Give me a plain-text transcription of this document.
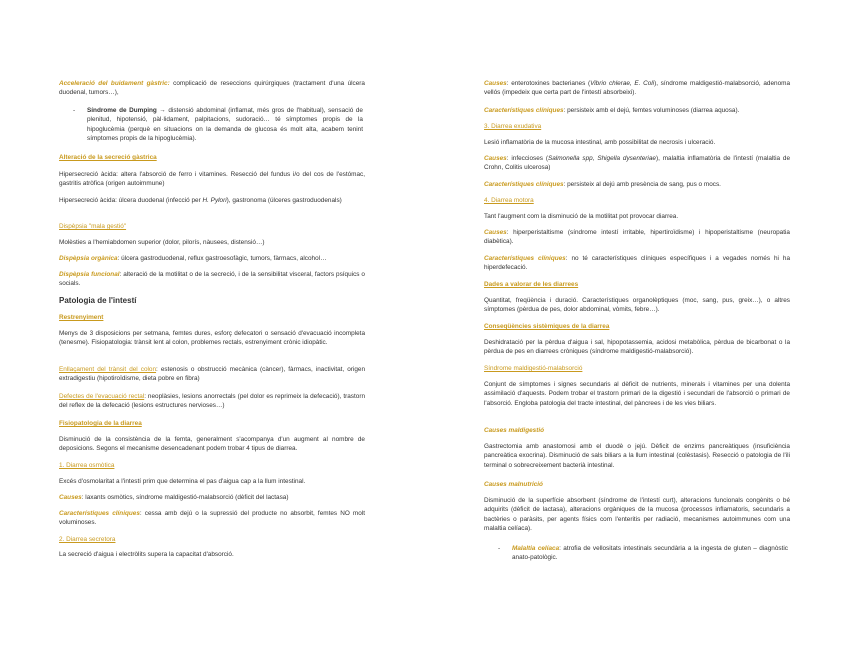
Acceleració del buidament gàstric: complicació de reseccions quirúrgiques (tractament d'una úlcera duodenal, tumors…),

- Síndrome de Dumping → distensió abdominal (inflamat, més gros de l'habitual), sensació de plenitud, hipotensió, pàl·lidament, palpitacions, sudoració… té símptomes propis de la hipoglucèmia (perquè en situacions on la demanda de glucosa és molt alta, acabem tenint símptomes propis de la hipoglucèmia).

Alteració de la secreció gàstrica

Hipersecreció àcida: altera l'absorció de ferro i vitamines. Resecció del fundus i/o del cos de l'estómac, gastritis atròfica (origen autoimmune)

Hipersecreció àcida: úlcera duodenal (infecció per H. Pylori), gastronoma (úlceres gastroduodenals)

Dispèpsia "mala gestió"

Molèsties a l'hemiabdomen superior (dolor, pilorís, nàusees, distensió…)

Dispèpsia orgànica: úlcera gastroduodenal, reflux gastroesofàgic, tumors, fàrmacs, alcohol…

Dispèpsia funcional: alteració de la motilitat o de la secreció, i de la sensibilitat visceral, factors psíquics o socials.

Patologia de l'intestí

Restrenyiment

Menys de 3 disposicions per setmana, femtes dures, esforç defecatori o sensació d'evacuació incompleta (tenesme). Fisiopatologia: trànsit lent al colon, problemes rectals, estrenyiment crònic idiopàtic.

Enllaçament del trànsit del colon: estenosis o obstrucció mecànica (càncer), fàrmacs, inactivitat, origen extradigestiu (hipotiroïdisme, dieta pobre en fibra)

Defectes de l'evacuació rectal: neoplàsies, lesions anorrectals (pel dolor es reprimeix la defecació), trastorn del reflex de la defecació (lesions estructures nervioses…)

Fisiopatologia de la diarrea

Disminució de la consistència de la femta, generalment s'acompanya d'un augment al nombre de deposicions. Segons el mecanisme desencadenant podem trobar 4 tipus de diarrea.

1. Diarrea osmòtica

Excés d'osmolaritat a l'intestí prim que determina el pas d'aigua cap a la llum intestinal.

Causes: laxants osmòtics, síndrome maldigestió-malabsorció (dèficit del lactasa)

Característiques clíniques: cessa amb dejú o la supressió del producte no absorbit, femtes NO molt voluminoses.

2. Diarrea secretora

La secreció d'aigua i electròlits supera la capacitat d'absorció.

Causes: enterotoxines bacterianes (Vibrio chlerae, E. Coli), síndrome maldigestió-malabsorció, adenoma vellós (impedeix que certa part de l'intestí absorbeixi).

Característiques clíniques: persisteix amb el dejú, femtes voluminoses (diarrea aquosa).

3. Diarrea exudativa

Lesió inflamatòria de la mucosa intestinal, amb possibilitat de necrosis i ulceració.

Causes: infeccioses (Salmonella spp, Shigella dysenteriae), malaltia inflamatòria de l'intestí (malaltia de Crohn, Colitis ulcerosa)

Característiques clíniques: persisteix al dejú amb presència de sang, pus o mocs.

4. Diarrea motora

Tant l'augment com la disminució de la motilitat pot provocar diarrea.

Causes: hiperperistaltisme (síndrome intestí irritable, hipertiroïdisme) i hipoperistaltisme (neuropatia diabètica).

Característiques clíniques: no té característiques clíniques específiques i a vegades només hi ha hiperdefecació.

Dades a valorar de les diarrees

Quantitat, freqüència i duració. Característiques organolèptiques (moc, sang, pus, greix…), o altres símptomes (pèrdua de pes, dolor abdominal, vòmits, febre…).

Conseqüències sistèmiques de la diarrea

Deshidratació per la pèrdua d'aigua i sal, hipopotassemia, acidosi metabòlica, pèrdua de bicarbonat o la pèrdua de pes en diarrees cròniques (síndrome maldigestió-malabsorció).

Síndrome maldigestió-malabsorció

Conjunt de símptomes i signes secundaris al dèficit de nutrients, minerals i vitamines per una dolenta assimilació d'aquests. Podem trobar el trastorn primari de la digestió i secundari de l'absorció o primari de l'absorció. Engloba patologia del tracte intestinal, del pàncrees i de les vies biliars.

Causes maldigestió

Gastrectomia amb anastomosi amb el duodè o jejú. Dèficit de enzims pancreàtiques (insuficiència pancreàtica exocrina). Disminució de sals biliars a la llum intestinal (colèstasis). Resecció o patologia de l'ili terminal o sobrecreixement bacterià intestinal.

Causes malnutrició

Disminució de la superfície absorbent (síndrome de l'intestí curt), alteracions funcionals congènits o bé adquirits (dèficit de lactasa), alteracions orgàniques de la mucosa (processos inflamatoris, secundaris a bactèries o paràsits, per agents físics com l'enteritis per radiació, mecanismes autoimmunes com una malaltia celíaca).

- Malaltia celíaca: atrofia de vellositats intestinals secundària a la ingesta de gluten – diagnòstic anato-patològic.
